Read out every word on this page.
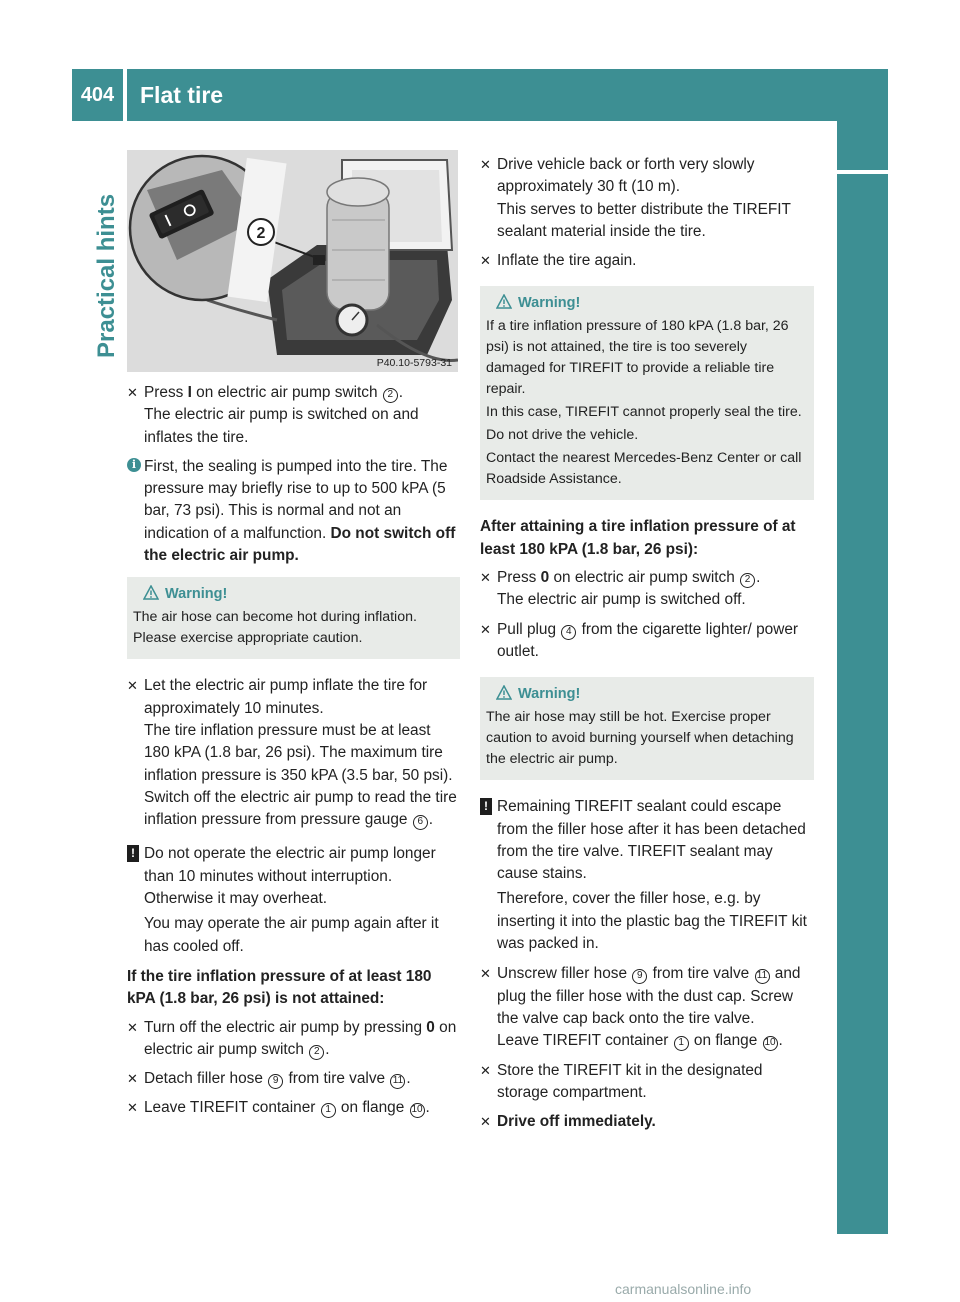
404	Flat tire
Practical hints	2
P40.10-5793-31
✕ Press I on electric air pump switch 2 .

The electric air pump is switched on and inflates the tire.

i First, the sealing is pumped into the tire. The pressure may briefly rise to up to 500 kPA (5 bar, 73 psi). This is normal and not an indication of a malfunction. Do not switch off the electric air pump.

Warning!

The air hose can become hot during inflation. Please exercise appropriate caution.

✕ Let the electric air pump inflate the tire for approximately 10 minutes.

The tire inflation pressure must be at least 180 kPA (1.8 bar, 26 psi). The maximum tire inflation pressure is 350 kPA (3.5 bar, 50 psi).

Switch off the electric air pump to read the tire inflation pressure from pressure gauge 6 .

! Do not operate the electric air pump longer than 10 minutes without interruption. Otherwise it may overheat.

You may operate the air pump again after it has cooled off.

If the tire inflation pressure of at least 180 kPA (1.8 bar, 26 psi) is not attained:
✕ Turn off the electric air pump by pressing 0 on electric air pump switch 2 .

✕ Detach filler hose 9 from tire valve 11 .

✕ Leave TIREFIT container 1 on flange 10 .

✕ Drive vehicle back or forth very slowly approximately 30 ft (10 m).

This serves to better distribute the TIREFIT sealant material inside the tire.

✕ Inflate the tire again.

Warning!

If a tire inflation pressure of 180 kPA (1.8 bar, 26 psi) is not attained, the tire is too severely damaged for TIREFIT to provide a reliable tire repair.

In this case, TIREFIT cannot properly seal the tire.

Do not drive the vehicle.

Contact the nearest Mercedes-Benz Center or call Roadside Assistance.

After attaining a tire inflation pressure of at least 180 kPA (1.8 bar, 26 psi):
✕ Press 0 on electric air pump switch 2 .

The electric air pump is switched off.

✕ Pull plug 4 from the cigarette lighter/ power outlet.

Warning!

The air hose may still be hot. Exercise proper caution to avoid burning yourself when detaching the electric air pump.

! Remaining TIREFIT sealant could escape from the filler hose after it has been detached from the tire valve. TIREFIT sealant may cause stains.

Therefore, cover the filler hose, e.g. by inserting it into the plastic bag the TIREFIT kit was packed in.

✕ Unscrew filler hose 9 from tire valve 11 and plug the filler hose with the dust cap. Screw the valve cap back onto the tire valve.

Leave TIREFIT container 1 on flange 10 .

✕ Store the TIREFIT kit in the designated storage compartment.

✕ Drive off immediately.

carmanualsonline.info
